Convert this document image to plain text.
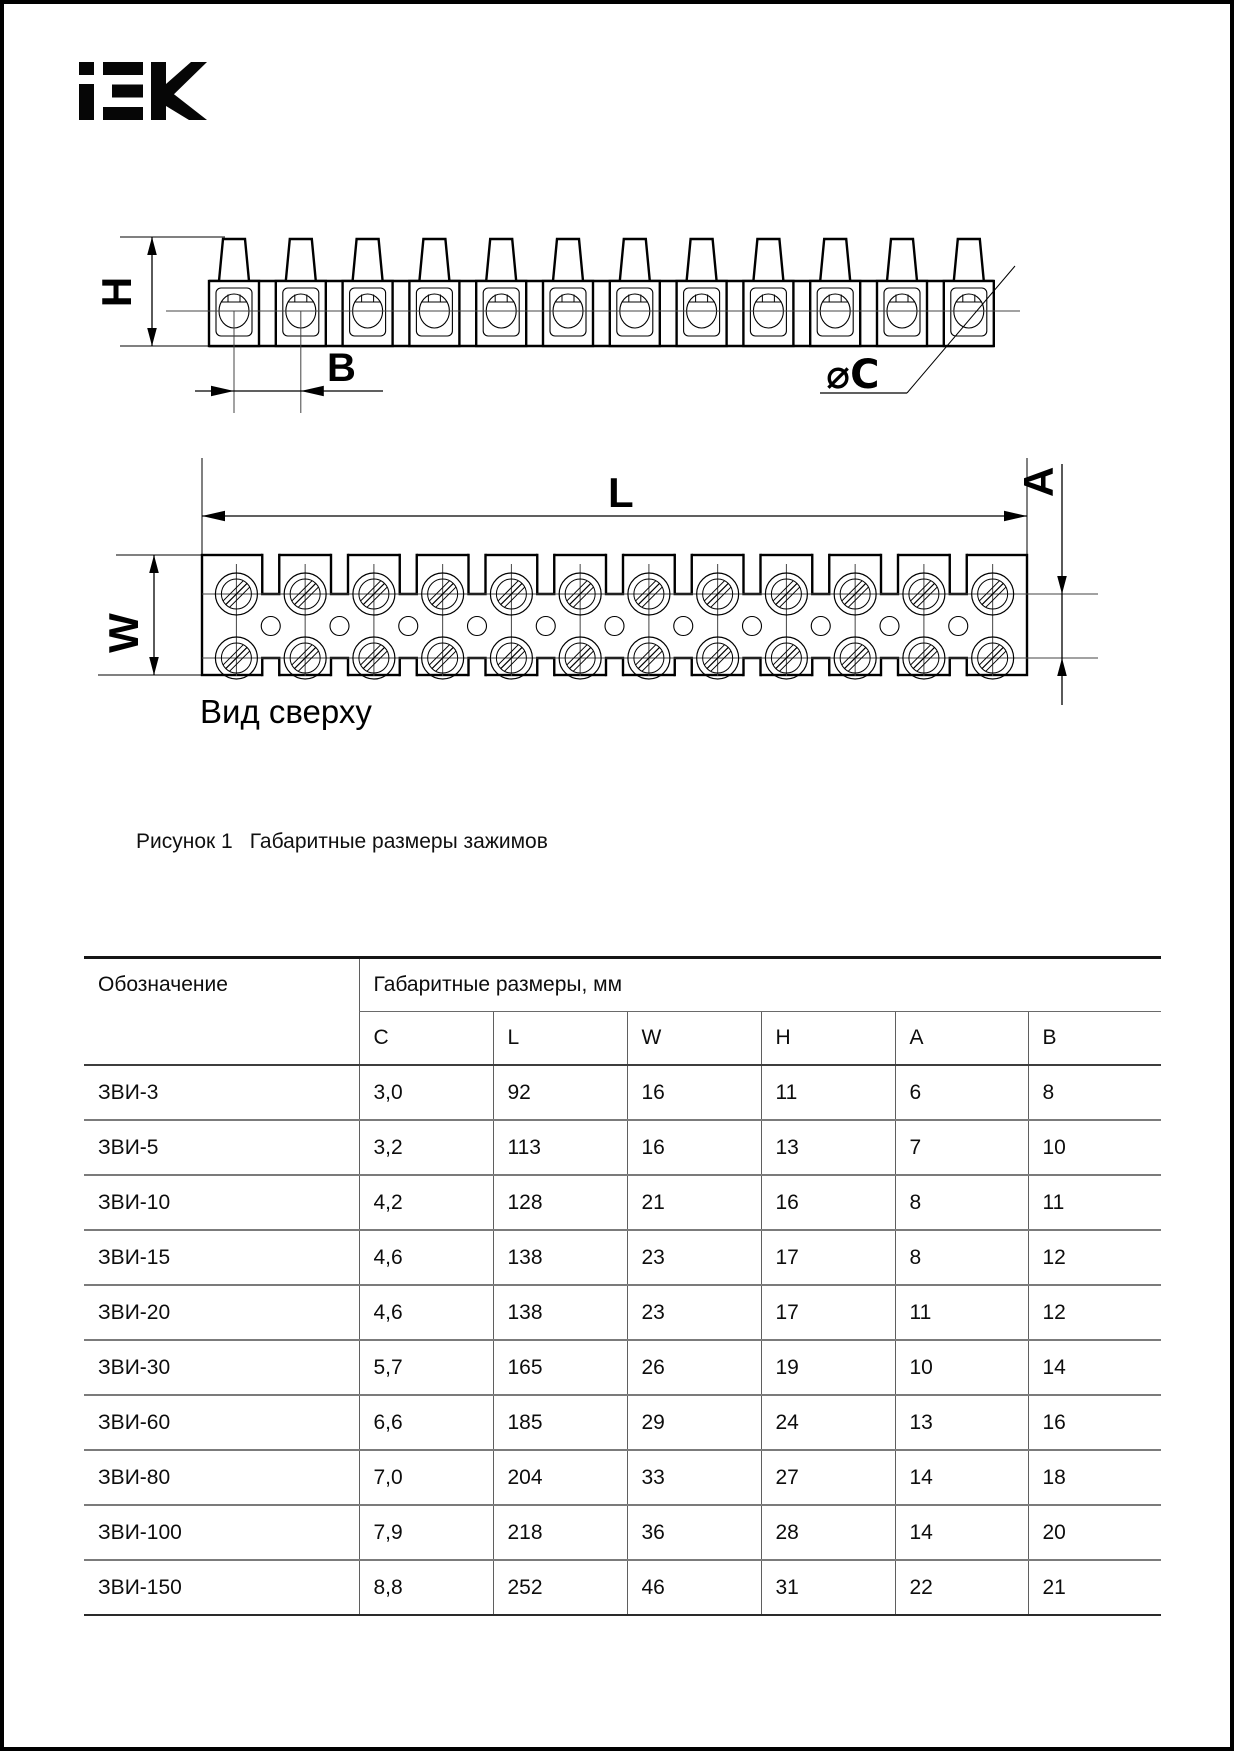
H
B	⌀C
L	A
W
Вид сверху
Рисунок 1 Габаритные размеры зажимов
Обозначение	Габаритные размеры, мм					
	C	L	W	H	A	B
ЗВИ-3	3,0	92	16	11	6	8
ЗВИ-5	3,2	113	16	13	7	10
ЗВИ-10	4,2	128	21	16	8	11
ЗВИ-15	4,6	138	23	17	8	12
ЗВИ-20	4,6	138	23	17	11	12
ЗВИ-30	5,7	165	26	19	10	14
ЗВИ-60	6,6	185	29	24	13	16
ЗВИ-80	7,0	204	33	27	14	18
ЗВИ-100	7,9	218	36	28	14	20
ЗВИ-150	8,8	252	46	31	22	21
